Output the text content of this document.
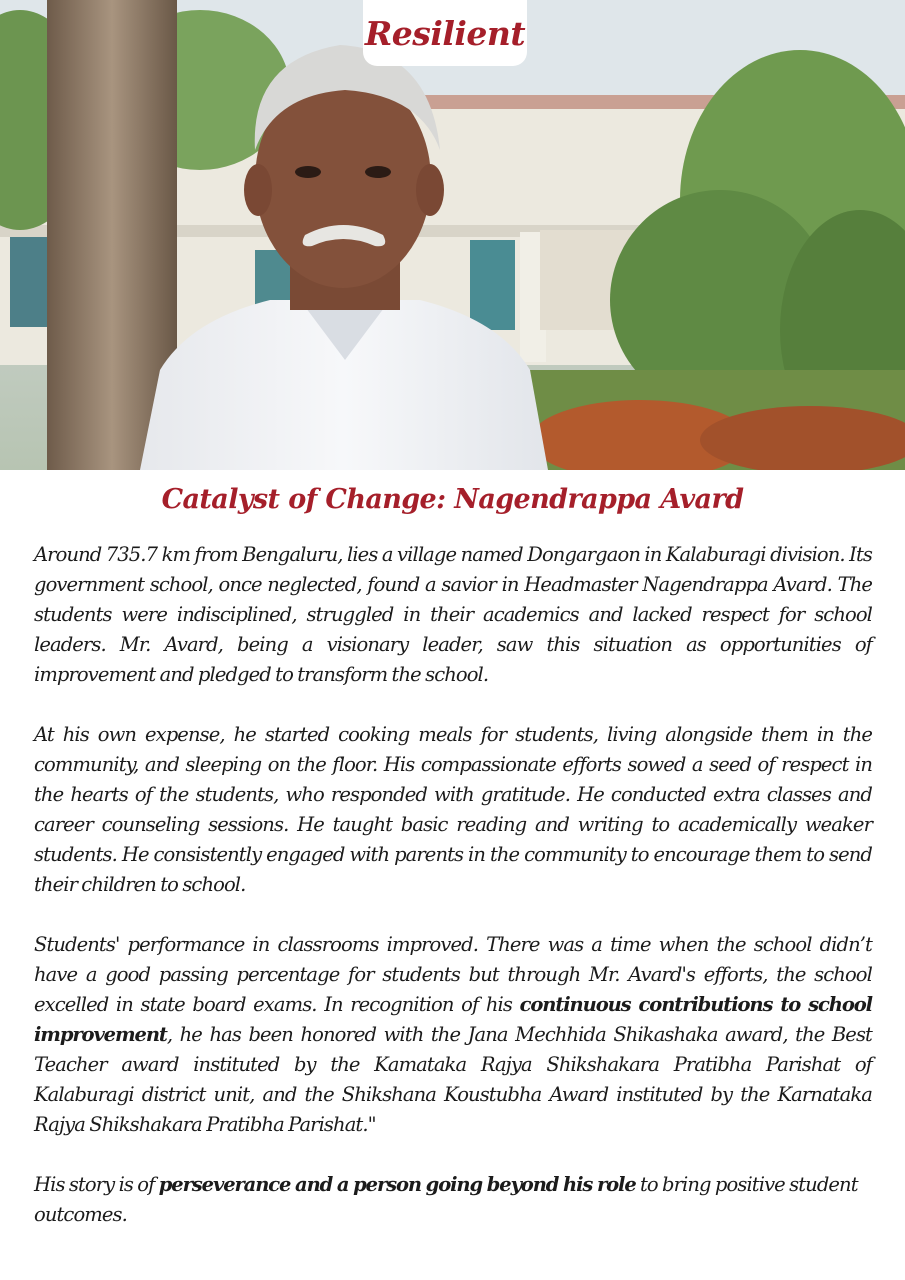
Resilient
Catalyst of Change: Nagendrappa Avard

Around 735.7 km from Bengaluru, lies a village named Dongargaon in Kalaburagi division. Its government school, once neglected, found a savior in Headmaster Nagendrappa Avard. The students were indisciplined, struggled in their academics and lacked respect for school leaders. Mr. Avard, being a visionary leader, saw this situation as opportunities of improvement and pledged to transform the school.

At his own expense, he started cooking meals for students, living alongside them in the community, and sleeping on the floor. His compassionate efforts sowed a seed of respect in the hearts of the students, who responded with gratitude. He conducted extra classes and career counseling sessions. He taught basic reading and writing to academically weaker students. He consistently engaged with parents in the community to encourage them to send their children to school.

Students' performance in classrooms improved. There was a time when the school didn’t have a good passing percentage for students but through Mr. Avard's efforts, the school excelled in state board exams. In recognition of his continuous contributions to school improvement, he has been honored with the Jana Mechhida Shikashaka award, the Best Teacher award instituted by the Kamataka Rajya Shikshakara Pratibha Parishat of Kalaburagi district unit, and the Shikshana Koustubha Award instituted by the Karnataka Rajya Shikshakara Pratibha Parishat."

His story is of perseverance and a person going beyond his role to bring positive student outcomes.
